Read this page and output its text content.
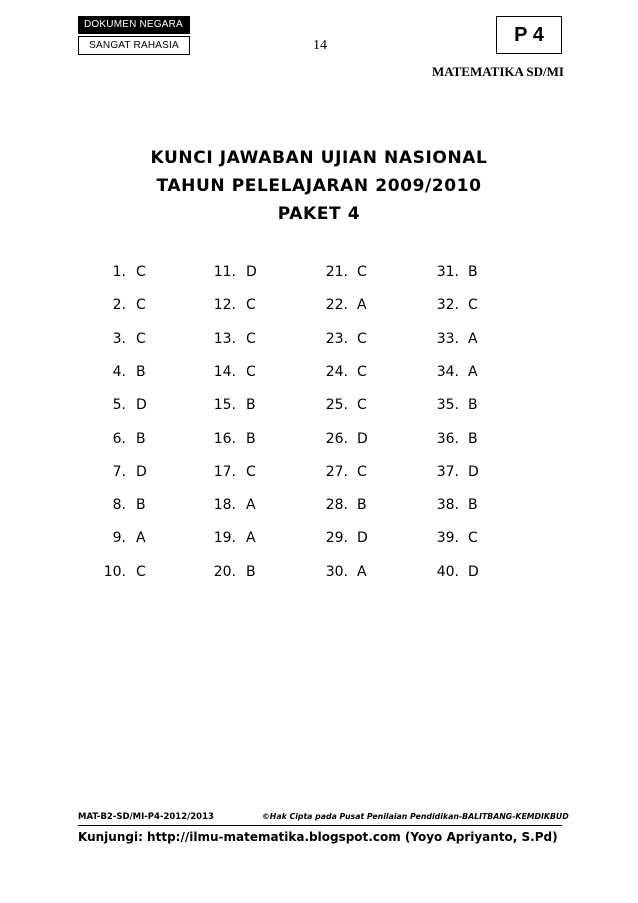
DOKUMEN NEGARA
SANGAT RAHASIA	14	P 4
MATEMATIKA SD/MI
KUNCI JAWABAN UJIAN NASIONAL
TAHUN PELELAJARAN 2009/2010
PAKET 4
1. C
2. C
3. C
4. B
5. D
6. B
7. D
8. B
9. A
10. C
11. D
12. C
13. C
14. C
15. B
16. B
17. C
18. A
19. A
20. B
21. C
22. A
23. C
24. C
25. C
26. D
27. C
28. B
29. D
30. A
31. B
32. C
33. A
34. A
35. B
36. B
37. D
38. B
39. C
40. D
MAT-B2-SD/MI-P4-2012/2013	©Hak Cipta pada Pusat Penilaian Pendidikan-BALITBANG-KEMDIKBUD
Kunjungi: http://ilmu-matematika.blogspot.com (Yoyo Apriyanto, S.Pd)
